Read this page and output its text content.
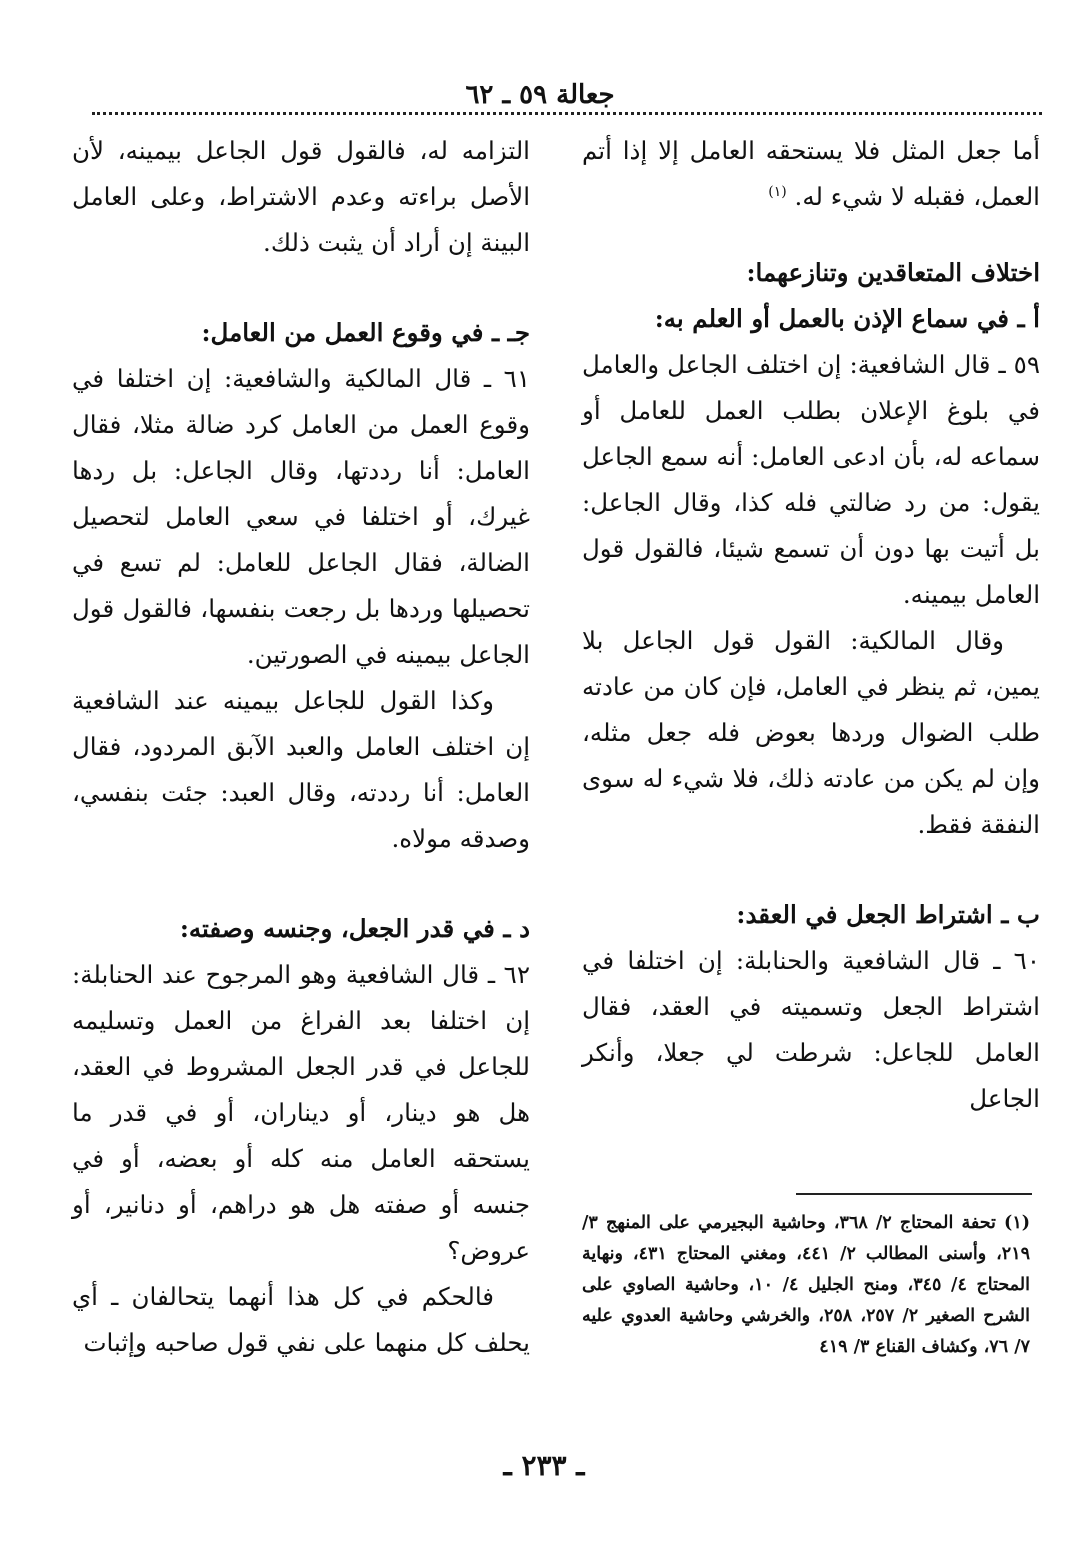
جعالة ٥٩ ـ ٦٢

أما جعل المثل فلا يستحقه العامل إلا إذا أتم العمل، فقبله لا شيء له. $^{(١)}$

اختلاف المتعاقدين وتنازعهما:

أ ـ في سماع الإذن بالعمل أو العلم به:

٥٩ ـ قال الشافعية: إن اختلف الجاعل والعامل في بلوغ الإعلان بطلب العمل للعامل أو سماعه له، بأن ادعى العامل: أنه سمع الجاعل يقول: من رد ضالتي فله كذا، وقال الجاعل: بل أتيت بها دون أن تسمع شيئا، فالقول قول العامل بيمينه.

وقال المالكية: القول قول الجاعل بلا يمين، ثم ينظر في العامل، فإن كان من عادته طلب الضوال وردها بعوض فله جعل مثله، وإن لم يكن من عادته ذلك، فلا شيء له سوى النفقة فقط.

ب ـ اشتراط الجعل في العقد:

٦٠ ـ قال الشافعية والحنابلة: إن اختلفا في اشتراط الجعل وتسميته في العقد، فقال العامل للجاعل: شرطت لي جعلا، وأنكر الجاعل

التزامه له، فالقول قول الجاعل بيمينه، لأن الأصل براءته وعدم الاشتراط، وعلى العامل البينة إن أراد أن يثبت ذلك.

جـ ـ في وقوع العمل من العامل:

٦١ ـ قال المالكية والشافعية: إن اختلفا في وقوع العمل من العامل كرد ضالة مثلا، فقال العامل: أنا رددتها، وقال الجاعل: بل ردها غيرك، أو اختلفا في سعي العامل لتحصيل الضالة، فقال الجاعل للعامل: لم تسع في تحصيلها وردها بل رجعت بنفسها، فالقول قول الجاعل بيمينه في الصورتين.

وكذا القول للجاعل بيمينه عند الشافعية إن اختلف العامل والعبد الآبق المردود، فقال العامل: أنا رددته، وقال العبد: جئت بنفسي، وصدقه مولاه.

د ـ في قدر الجعل، وجنسه وصفته:

٦٢ ـ قال الشافعية وهو المرجوح عند الحنابلة: إن اختلفا بعد الفراغ من العمل وتسليمه للجاعل في قدر الجعل المشروط في العقد، هل هو دينار، أو ديناران، أو في قدر ما يستحقه العامل منه كله أو بعضه، أو في جنسه أو صفته هل هو دراهم، أو دنانير، أو عروض؟

فالحكم في كل هذا أنهما يتحالفان ـ أي يحلف كل منهما على نفي قول صاحبه وإثبات

(١) تحفة المحتاج ٢/ ٣٦٨، وحاشية البجيرمي على المنهج ٣/ ٢١٩، وأسنى المطالب ٢/ ٤٤١، ومغني المحتاج ٤٣١، ونهاية المحتاج ٤/ ٣٤٥، ومنح الجليل ٤/ ١٠، وحاشية الصاوي على الشرح الصغير ٢/ ٢٥٧، ٢٥٨، والخرشي وحاشية العدوي عليه ٧/ ٧٦، وكشاف القناع ٣/ ٤١٩

ـ ٢٣٣ ـ
